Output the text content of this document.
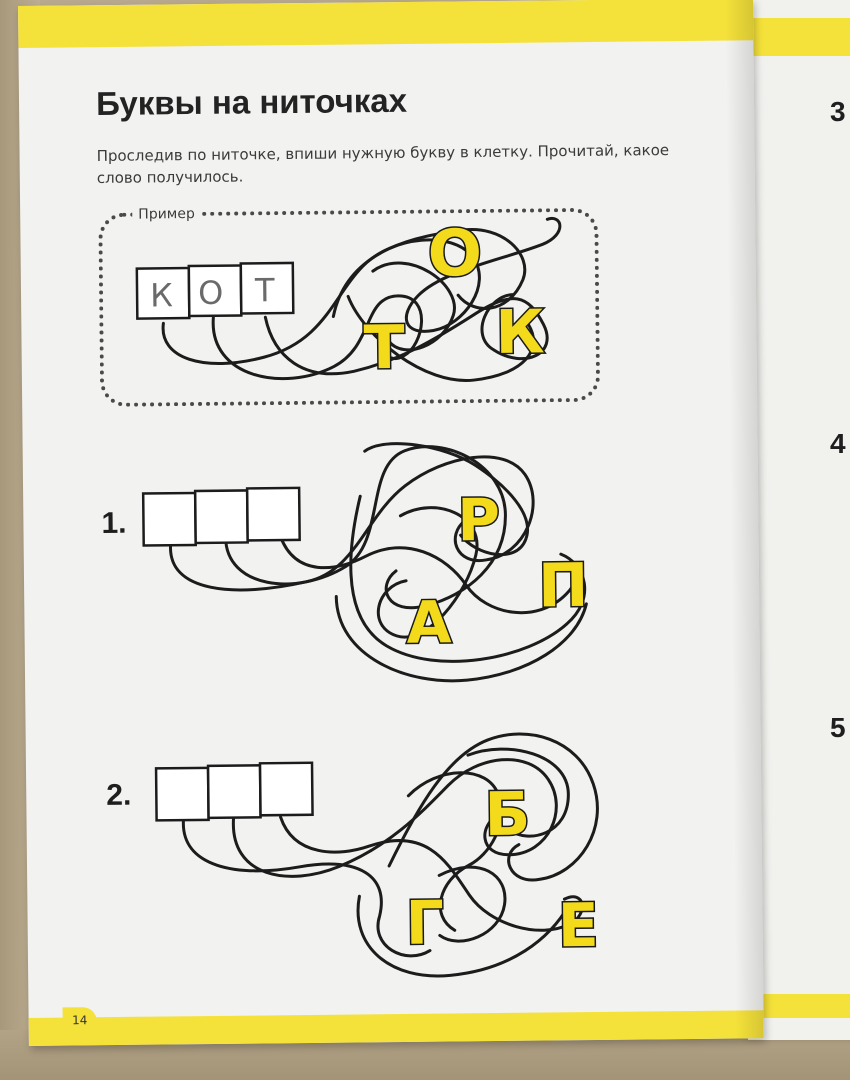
3
4
5
Буквы на ниточках
Проследив по ниточке, впиши нужную букву в клетку. Прочитай, какое слово получилось.
Пример
1.
2.
К О Т О
Т К
Р
А
П
Б
Г Е
14
